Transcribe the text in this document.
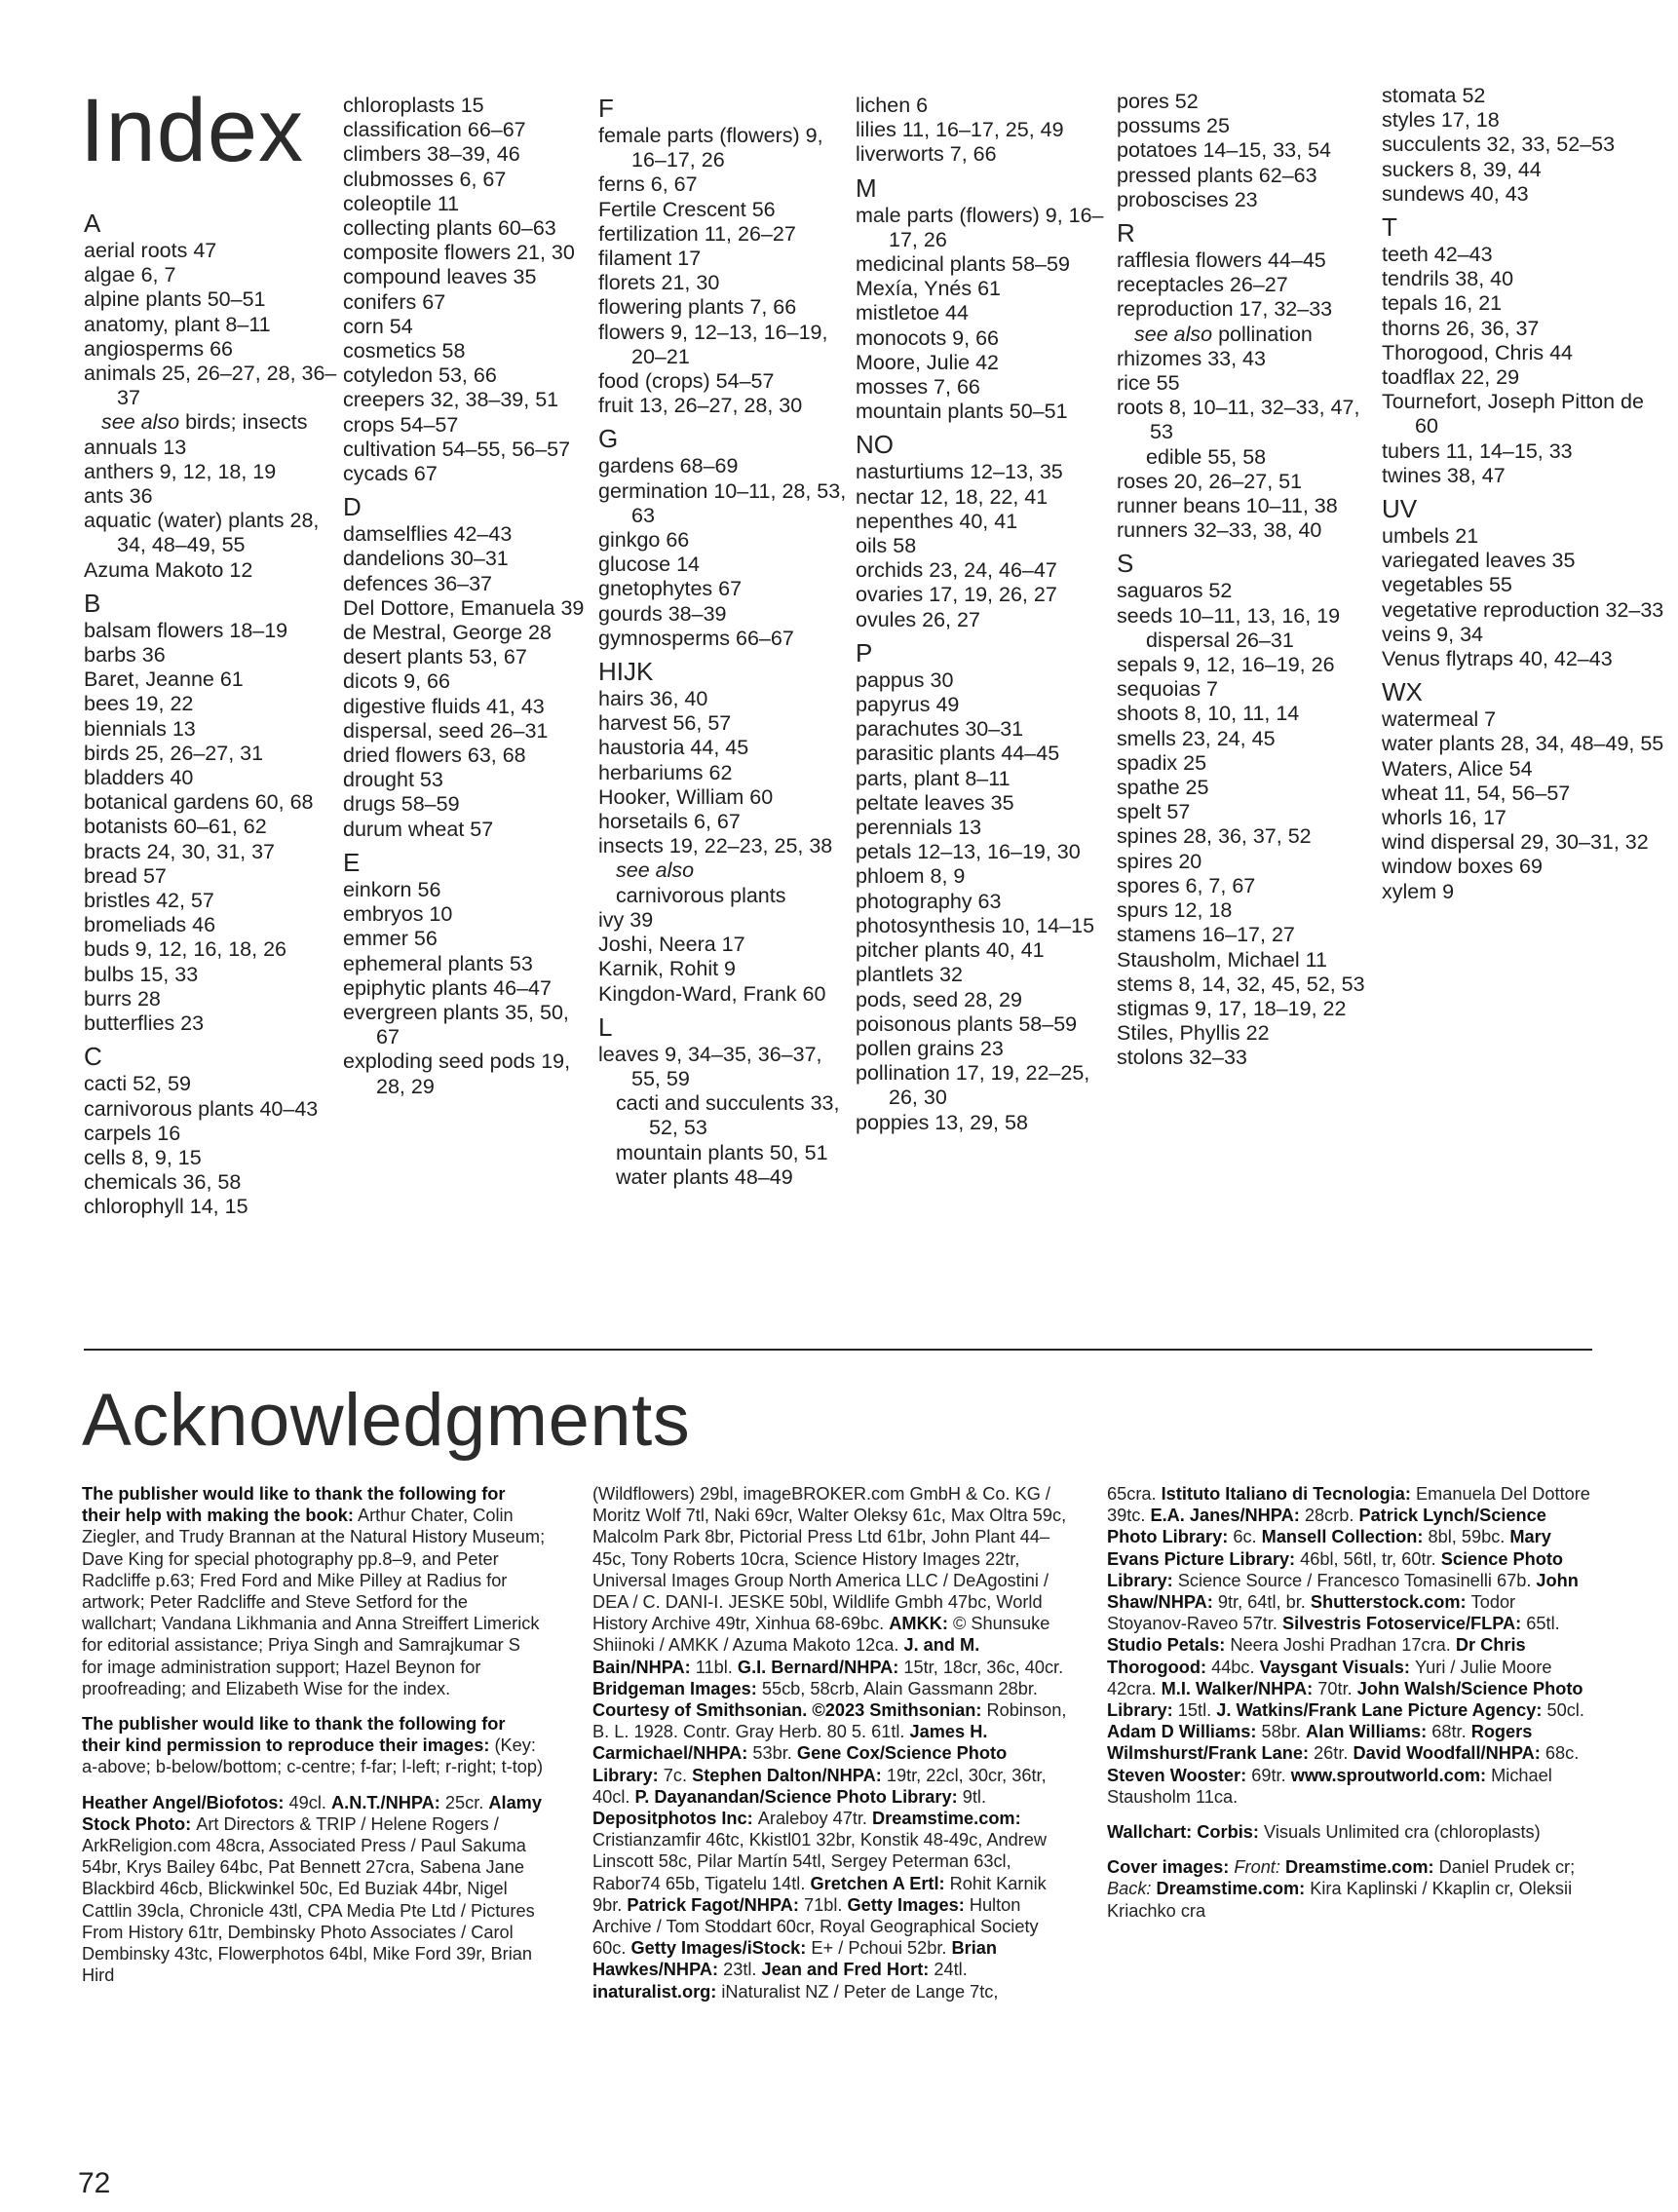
Index
A
aerial roots 47
algae 6, 7
alpine plants 50–51
anatomy, plant 8–11
angiosperms 66
animals 25, 26–27, 28, 36–37
see also birds; insects
annuals 13
anthers 9, 12, 18, 19
ants 36
aquatic (water) plants 28, 34, 48–49, 55
Azuma Makoto 12
B
balsam flowers 18–19
barbs 36
Baret, Jeanne 61
bees 19, 22
biennials 13
birds 25, 26–27, 31
bladders 40
botanical gardens 60, 68
botanists 60–61, 62
bracts 24, 30, 31, 37
bread 57
bristles 42, 57
bromeliads 46
buds 9, 12, 16, 18, 26
bulbs 15, 33
burrs 28
butterflies 23
C
cacti 52, 59
carnivorous plants 40–43
carpels 16
cells 8, 9, 15
chemicals 36, 58
chlorophyll 14, 15
chloroplasts 15
classification 66–67
climbers 38–39, 46
clubmosses 6, 67
coleoptile 11
collecting plants 60–63
composite flowers 21, 30
compound leaves 35
conifers 67
corn 54
cosmetics 58
cotyledon 53, 66
creepers 32, 38–39, 51
crops 54–57
cultivation 54–55, 56–57
cycads 67
D
damselflies 42–43
dandelions 30–31
defences 36–37
Del Dottore, Emanuela 39
de Mestral, George 28
desert plants 53, 67
dicots 9, 66
digestive fluids 41, 43
dispersal, seed 26–31
dried flowers 63, 68
drought 53
drugs 58–59
durum wheat 57
E
einkorn 56
embryos 10
emmer 56
ephemeral plants 53
epiphytic plants 46–47
evergreen plants 35, 50, 67
exploding seed pods 19, 28, 29
F
female parts (flowers) 9, 16–17, 26
ferns 6, 67
Fertile Crescent 56
fertilization 11, 26–27
filament 17
florets 21, 30
flowering plants 7, 66
flowers 9, 12–13, 16–19, 20–21
food (crops) 54–57
fruit 13, 26–27, 28, 30
G
gardens 68–69
germination 10–11, 28, 53, 63
ginkgo 66
glucose 14
gnetophytes 67
gourds 38–39
gymnosperms 66–67
HIJK
hairs 36, 40
harvest 56, 57
haustoria 44, 45
herbariums 62
Hooker, William 60
horsetails 6, 67
insects 19, 22–23, 25, 38
see also
carnivorous plants
ivy 39
Joshi, Neera 17
Karnik, Rohit 9
Kingdon-Ward, Frank 60
L
leaves 9, 34–35, 36–37, 55, 59
cacti and succulents 33, 52, 53
mountain plants 50, 51
water plants 48–49
lichen 6
lilies 11, 16–17, 25, 49
liverworts 7, 66
M
male parts (flowers) 9, 16–17, 26
medicinal plants 58–59
Mexía, Ynés 61
mistletoe 44
monocots 9, 66
Moore, Julie 42
mosses 7, 66
mountain plants 50–51
NO
nasturtiums 12–13, 35
nectar 12, 18, 22, 41
nepenthes 40, 41
oils 58
orchids 23, 24, 46–47
ovaries 17, 19, 26, 27
ovules 26, 27
P
pappus 30
papyrus 49
parachutes 30–31
parasitic plants 44–45
parts, plant 8–11
peltate leaves 35
perennials 13
petals 12–13, 16–19, 30
phloem 8, 9
photography 63
photosynthesis 10, 14–15
pitcher plants 40, 41
plantlets 32
pods, seed 28, 29
poisonous plants 58–59
pollen grains 23
pollination 17, 19, 22–25, 26, 30
poppies 13, 29, 58
pores 52
possums 25
potatoes 14–15, 33, 54
pressed plants 62–63
proboscises 23
R
rafflesia flowers 44–45
receptacles 26–27
reproduction 17, 32–33
see also pollination
rhizomes 33, 43
rice 55
roots 8, 10–11, 32–33, 47, 53
edible 55, 58
roses 20, 26–27, 51
runner beans 10–11, 38
runners 32–33, 38, 40
S
saguaros 52
seeds 10–11, 13, 16, 19
dispersal 26–31
sepals 9, 12, 16–19, 26
sequoias 7
shoots 8, 10, 11, 14
smells 23, 24, 45
spadix 25
spathe 25
spelt 57
spines 28, 36, 37, 52
spires 20
spores 6, 7, 67
spurs 12, 18
stamens 16–17, 27
Stausholm, Michael 11
stems 8, 14, 32, 45, 52, 53
stigmas 9, 17, 18–19, 22
Stiles, Phyllis 22
stolons 32–33
stomata 52
styles 17, 18
succulents 32, 33, 52–53
suckers 8, 39, 44
sundews 40, 43
T
teeth 42–43
tendrils 38, 40
tepals 16, 21
thorns 26, 36, 37
Thorogood, Chris 44
toadflax 22, 29
Tournefort, Joseph Pitton de 60
tubers 11, 14–15, 33
twines 38, 47
UV
umbels 21
variegated leaves 35
vegetables 55
vegetative reproduction 32–33
veins 9, 34
Venus flytraps 40, 42–43
WX
watermeal 7
water plants 28, 34, 48–49, 55
Waters, Alice 54
wheat 11, 54, 56–57
whorls 16, 17
wind dispersal 29, 30–31, 32
window boxes 69
xylem 9
Acknowledgments

The publisher would like to thank the following for their help with making the book: Arthur Chater, Colin Ziegler, and Trudy Brannan at the Natural History Museum; Dave King for special photography pp.8–9, and Peter Radcliffe p.63; Fred Ford and Mike Pilley at Radius for artwork; Peter Radcliffe and Steve Setford for the wallchart; Vandana Likhmania and Anna Streiffert Limerick for editorial assistance; Priya Singh and Samrajkumar S for image administration support; Hazel Beynon for proofreading; and Elizabeth Wise for the index.

The publisher would like to thank the following for their kind permission to reproduce their images: (Key: a-above; b-below/bottom; c-centre; f-far; l-left; r-right; t-top)

Heather Angel/Biofotos: 49cl. A.N.T./NHPA: 25cr. Alamy Stock Photo: Art Directors & TRIP / Helene Rogers / ArkReligion.com 48cra, Associated Press / Paul Sakuma 54br, Krys Bailey 64bc, Pat Bennett 27cra, Sabena Jane Blackbird 46cb, Blickwinkel 50c, Ed Buziak 44br, Nigel Cattlin 39cla, Chronicle 43tl, CPA Media Pte Ltd / Pictures From History 61tr, Dembinsky Photo Associates / Carol Dembinsky 43tc, Flowerphotos 64bl, Mike Ford 39r, Brian Hird

(Wildflowers) 29bl, imageBROKER.com GmbH & Co. KG / Moritz Wolf 7tl, Naki 69cr, Walter Oleksy 61c, Max Oltra 59c, Malcolm Park 8br, Pictorial Press Ltd 61br, John Plant 44–45c, Tony Roberts 10cra, Science History Images 22tr, Universal Images Group North America LLC / DeAgostini / DEA / C. DANI-I. JESKE 50bl, Wildlife Gmbh 47bc, World History Archive 49tr, Xinhua 68-69bc. AMKK: © Shunsuke Shiinoki / AMKK / Azuma Makoto 12ca. J. and M. Bain/NHPA: 11bl. G.I. Bernard/NHPA: 15tr, 18cr, 36c, 40cr. Bridgeman Images: 55cb, 58crb, Alain Gassmann 28br. Courtesy of Smithsonian. ©2023 Smithsonian: Robinson, B. L. 1928. Contr. Gray Herb. 80 5. 61tl. James H. Carmichael/NHPA: 53br. Gene Cox/Science Photo Library: 7c. Stephen Dalton/NHPA: 19tr, 22cl, 30cr, 36tr, 40cl. P. Dayanandan/Science Photo Library: 9tl. Depositphotos Inc: Araleboy 47tr. Dreamstime.com: Cristianzamfir 46tc, Kkistl01 32br, Konstik 48-49c, Andrew Linscott 58c, Pilar Martín 54tl, Sergey Peterman 63cl, Rabor74 65b, Tigatelu 14tl. Gretchen A Ertl: Rohit Karnik 9br. Patrick Fagot/NHPA: 71bl. Getty Images: Hulton Archive / Tom Stoddart 60cr, Royal Geographical Society 60c. Getty Images/iStock: E+ / Pchoui 52br. Brian Hawkes/NHPA: 23tl. Jean and Fred Hort: 24tl. inaturalist.org: iNaturalist NZ / Peter de Lange 7tc,

65cra. Istituto Italiano di Tecnologia: Emanuela Del Dottore 39tc. E.A. Janes/NHPA: 28crb. Patrick Lynch/Science Photo Library: 6c. Mansell Collection: 8bl, 59bc. Mary Evans Picture Library: 46bl, 56tl, tr, 60tr. Science Photo Library: Science Source / Francesco Tomasinelli 67b. John Shaw/NHPA: 9tr, 64tl, br. Shutterstock.com: Todor Stoyanov-Raveo 57tr. Silvestris Fotoservice/FLPA: 65tl. Studio Petals: Neera Joshi Pradhan 17cra. Dr Chris Thorogood: 44bc. Vaysgant Visuals: Yuri / Julie Moore 42cra. M.I. Walker/NHPA: 70tr. John Walsh/Science Photo Library: 15tl. J. Watkins/Frank Lane Picture Agency: 50cl. Adam D Williams: 58br. Alan Williams: 68tr. Rogers Wilmshurst/Frank Lane: 26tr. David Woodfall/NHPA: 68c. Steven Wooster: 69tr. www.sproutworld.com: Michael Stausholm 11ca.

Wallchart: Corbis: Visuals Unlimited cra (chloroplasts)

Cover images: Front: Dreamstime.com: Daniel Prudek cr; Back: Dreamstime.com: Kira Kaplinski / Kkaplin cr, Oleksii Kriachko cra

72
